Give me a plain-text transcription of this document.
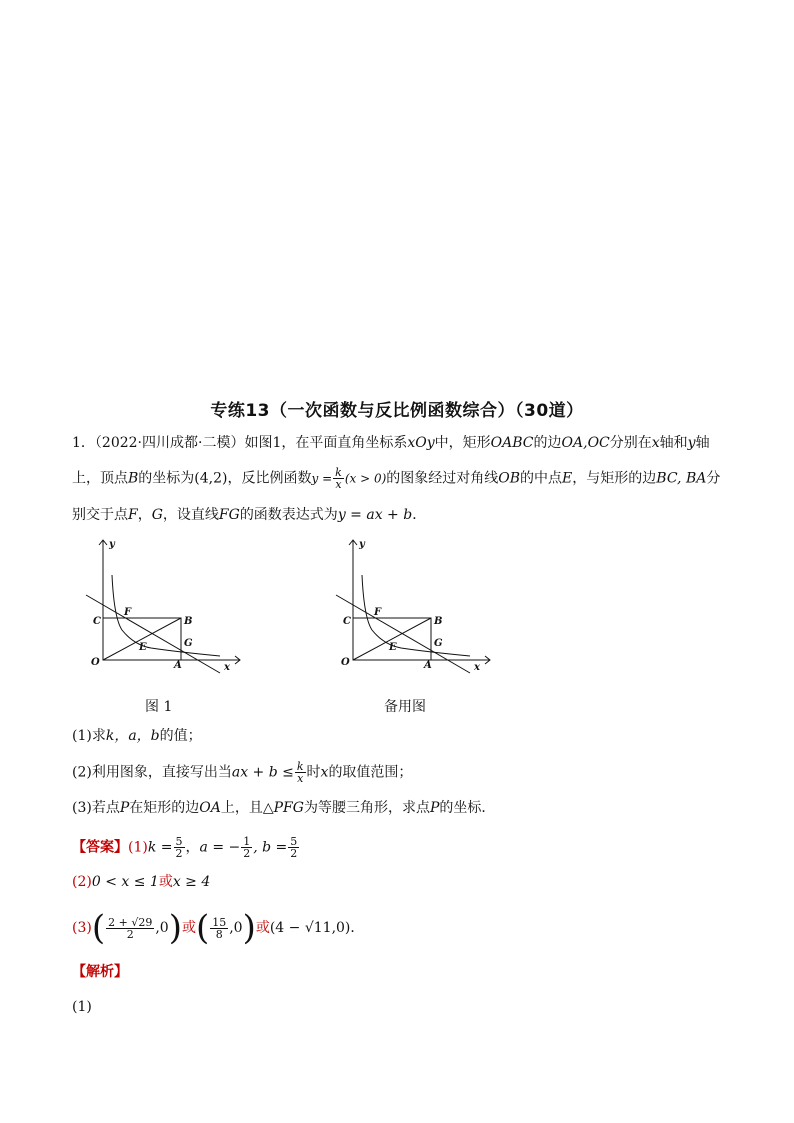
专练13（一次函数与反比例函数综合）（30道）
1．（2022·四川成都·二模）如图1，在平面直角坐标系xOy中，矩形OABC的边OA,OC分别在x轴和y轴
上，顶点B的坐标为(4,2)，反比例函数$y = \frac{k}{x} (x > 0)$的图象经过对角线OB的中点E，与矩形的边BC, BA分
别交于点F，G，设直线FG的函数表达式为y = ax + b．
y
x
O	A
B
C
E
F
G
图 1
y
x
O	A
B
C
E
F
G
备用图
(1)求k，a，b的值；
(2)利用图象，直接写出当ax + $b \le \frac{k}{x}$ 时x的取值范围；
(3)若点P在矩形的边OA上，且△PFG为等腰三角形，求点P的坐标．
【答案】$(1)k = \frac{5}{2}$ ，a = − $\frac{1}{2}$ , $b = \frac{5}{2}$
(2)0 < x ≤ 1或x ≥ 4
$(3)( \frac{2 + √29}{2} ,0)$或( $\frac{15}{8} ,0$)或(4 − √11,0)．
【解析】
(1)
